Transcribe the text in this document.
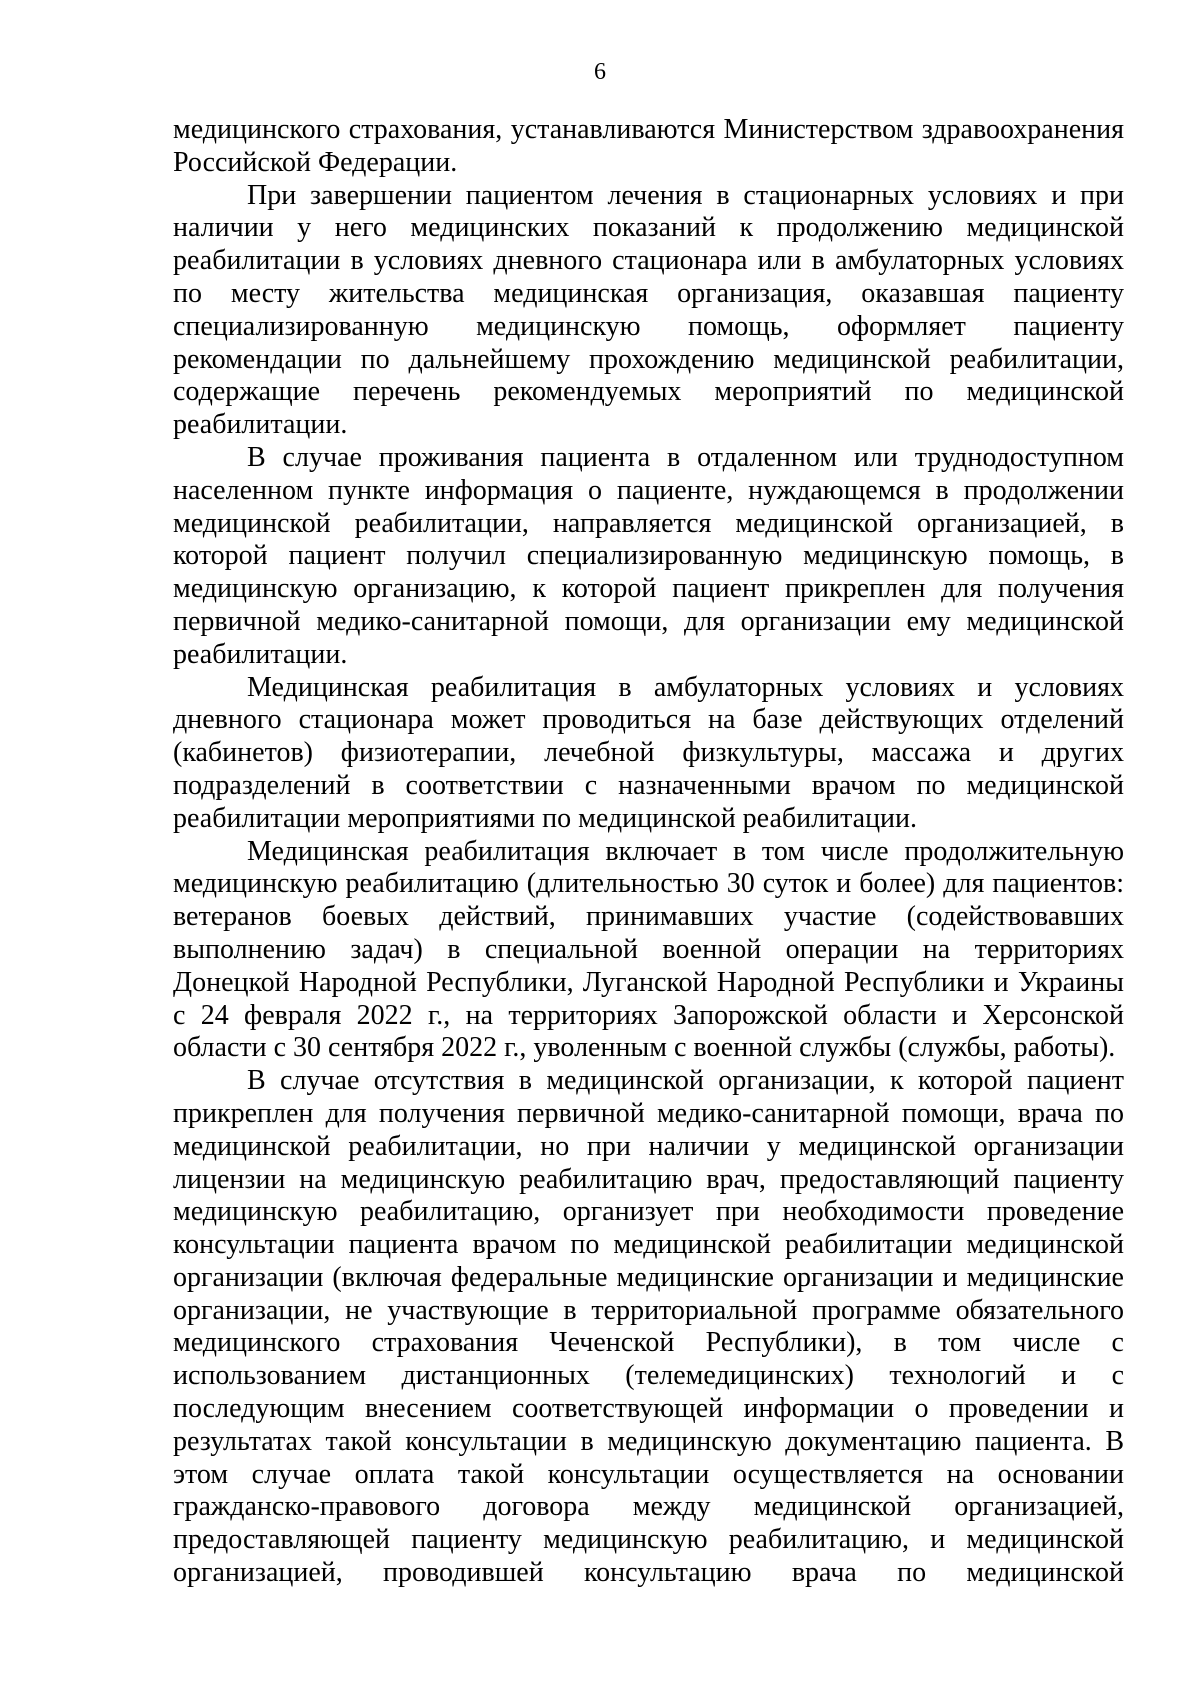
6

медицинского страхования, устанавливаются Министерством здравоохранения Российской Федерации.

При завершении пациентом лечения в стационарных условиях и при наличии у него медицинских показаний к продолжению медицинской реабилитации в условиях дневного стационара или в амбулаторных условиях по месту жительства медицинская организация, оказавшая пациенту специализированную медицинскую помощь, оформляет пациенту рекомендации по дальнейшему прохождению медицинской реабилитации, содержащие перечень рекомендуемых мероприятий по медицинской реабилитации.

В случае проживания пациента в отдаленном или труднодоступном населенном пункте информация о пациенте, нуждающемся в продолжении медицинской реабилитации, направляется медицинской организацией, в которой пациент получил специализированную медицинскую помощь, в медицинскую организацию, к которой пациент прикреплен для получения первичной медико-санитарной помощи, для организации ему медицинской реабилитации.

Медицинская реабилитация в амбулаторных условиях и условиях дневного стационара может проводиться на базе действующих отделений (кабинетов) физиотерапии, лечебной физкультуры, массажа и других подразделений в соответствии с назначенными врачом по медицинской реабилитации мероприятиями по медицинской реабилитации.

Медицинская реабилитация включает в том числе продолжительную медицинскую реабилитацию (длительностью 30 суток и более) для пациентов: ветеранов боевых действий, принимавших участие (содействовавших выполнению задач) в специальной военной операции на территориях Донецкой Народной Республики, Луганской Народной Республики и Украины с 24 февраля 2022 г., на территориях Запорожской области и Херсонской области с 30 сентября 2022 г., уволенным с военной службы (службы, работы).

В случае отсутствия в медицинской организации, к которой пациент прикреплен для получения первичной медико-санитарной помощи, врача по медицинской реабилитации, но при наличии у медицинской организации лицензии на медицинскую реабилитацию врач, предоставляющий пациенту медицинскую реабилитацию, организует при необходимости проведение консультации пациента врачом по медицинской реабилитации медицинской организации (включая федеральные медицинские организации и медицинские организации, не участвующие в территориальной программе обязательного медицинского страхования Чеченской Республики), в том числе с использованием дистанционных (телемедицинских) технологий и с последующим внесением соответствующей информации о проведении и результатах такой консультации в медицинскую документацию пациента. В этом случае оплата такой консультации осуществляется на основании гражданско-правового договора между медицинской организацией, предоставляющей пациенту медицинскую реабилитацию, и медицинской организацией, проводившей консультацию врача по медицинской
